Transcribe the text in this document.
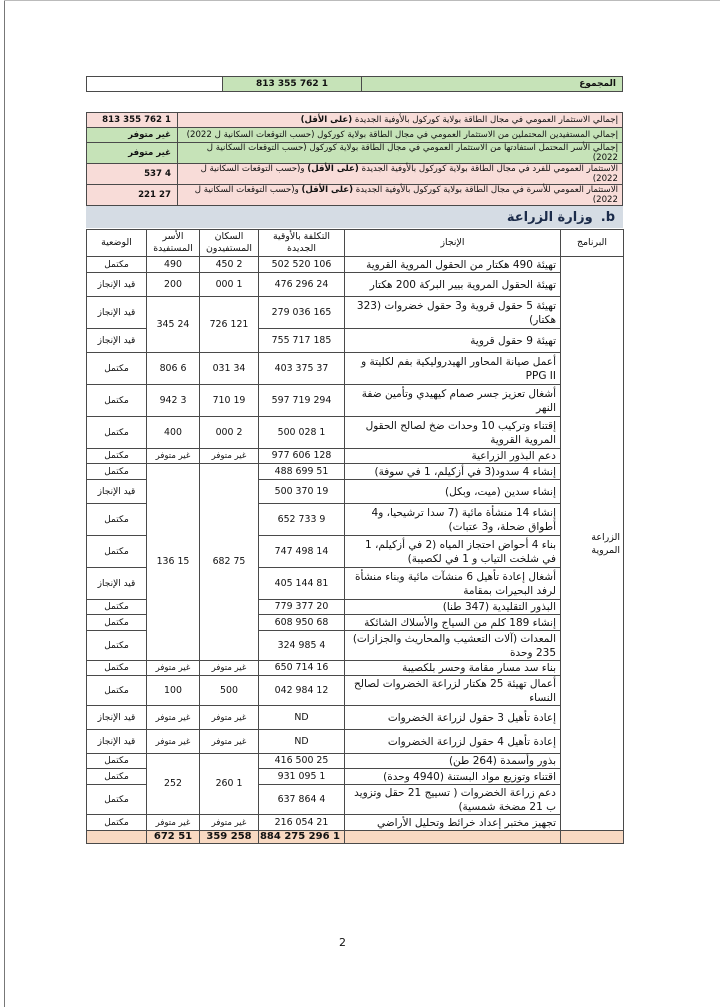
المجموع	1 762 355 813	
إجمالي الاستثمار العمومي في مجال الطاقة بولاية كوركول بالأوفية الجديدة (على الأقل)	1 762 355 813
إجمالي المستفيدين المحتملين من الاستثمار العمومي في مجال الطاقة بولاية كوركول (حسب التوقعات السكانية ل 2022)	غير متوفر
إجمالي الأسر المحتمل استفادتها من الاستثمار العمومي في مجال الطاقة بولاية كوركول (حسب التوقعات السكانية ل 2022)	غير متوفر
الاستثمار العمومي للفرد في مجال الطاقة بولاية كوركول بالأوفية الجديدة (على الأقل) و(حسب التوقعات السكانية ل 2022)	4 537
الاستثمار العمومي للأسرة في مجال الطاقة بولاية كوركول بالأوفية الجديدة (على الأقل) و(حسب التوقعات السكانية ل 2022)	27 221
b.
وزارة الزراعة
البرنامج	الإنجاز	التكلفة بالأوقية الجديدة	السكان المستفيدون	الأسر المستفيدة	الوضعية
الزراعة المروية	تهيئة 490 هكتار من الحقول المروية القروية	106 520 502	2 450	490	مكتمل
	تهيئة الحقول المروية بيير البركة 200 هكتار	24 296 476	1 000	200	قيد الإنجاز
	تهيئة 5 حقول قروية و3 حقول خضروات (323 هكتار)	165 036 279	121 726	24 345	قيد الإنجاز
	تهيئة 9 حقول قروية	185 717 755			قيد الإنجاز
	أعمل صيانة المحاور الهيدروليكية بفم لكليتة و PPG II	37 375 403	34 031	6 806	مكتمل
	أشغال تعزيز جسر صمام كيهيدي وتأمين ضفة النهر	294 719 597	19 710	3 942	مكتمل
	إقتناء وتركيب 10 وحدات ضخ لصالح الحقول المروية القروية	1 028 500	2 000	400	مكتمل
	دعم البذور الزراعية	128 606 977	غير متوفر	غير متوفر	مكتمل
	إنشاء 4 سدود(3 في أزكيلم، 1 في سوفة)	51 699 488	75 682	15 136	مكتمل
	إنشاء سدين (ميت، وبكل)	19 370 500			قيد الإنجاز
	إنشاء 14 منشأة مائية (7 سدا ترشيحيا، و4 أطواق ضحلة، و3 عتبات)	9 733 652			مكتمل
	بناء 4 أحواض احتجاز المياه (2 في أزكيلم، 1 في شلخت التياب و 1 في لكصيبة)	14 498 747			مكتمل
	أشغال إعادة تأهيل 6 منشآت مائية وبناء منشأة لرفد البحيرات بمقامة	81 144 405			قيد الإنجاز
	البذور التقليدية (347 طنا)	20 377 779			مكتمل
	إنشاء 189 كلم من السياج والأسلاك الشائكة	68 950 608			مكتمل
	المعدات (آلات التعشيب والمحاريث والجزازات) 235 وحدة	4 985 324			مكتمل
	بناء سد مسار مقامة وحسر بلكصيبة	16 714 650	غير متوفر	غير متوفر	مكتمل
	أعمال تهيئة 25 هكتار لزراعة الخضروات لصالح النساء	12 984 042	500	100	مكتمل
	إعادة تأهيل 3 حقول لزراعة الخضروات	ND	غير متوفر	غير متوفر	قيد الإنجاز
	إعادة تأهيل 4 حقول لزراعة الخضروات	ND	غير متوفر	غير متوفر	قيد الإنجاز
	بذور وأسمدة (264 طن)	25 500 416	1 260	252	مكتمل
	اقتناء وتوزيع مواد البستنة (4940 وحدة)	1 095 931			مكتمل
	دعم زراعة الخضروات ( تسييج 21 حقل وتزويد ب 21 مضخة شمسية)	4 864 637			مكتمل
	تجهيز مختبر إعداد خرائط وتحليل الأراضي	21 054 216	غير متوفر	غير متوفر	مكتمل
		1 296 275 884	258 359	51 672	
2
